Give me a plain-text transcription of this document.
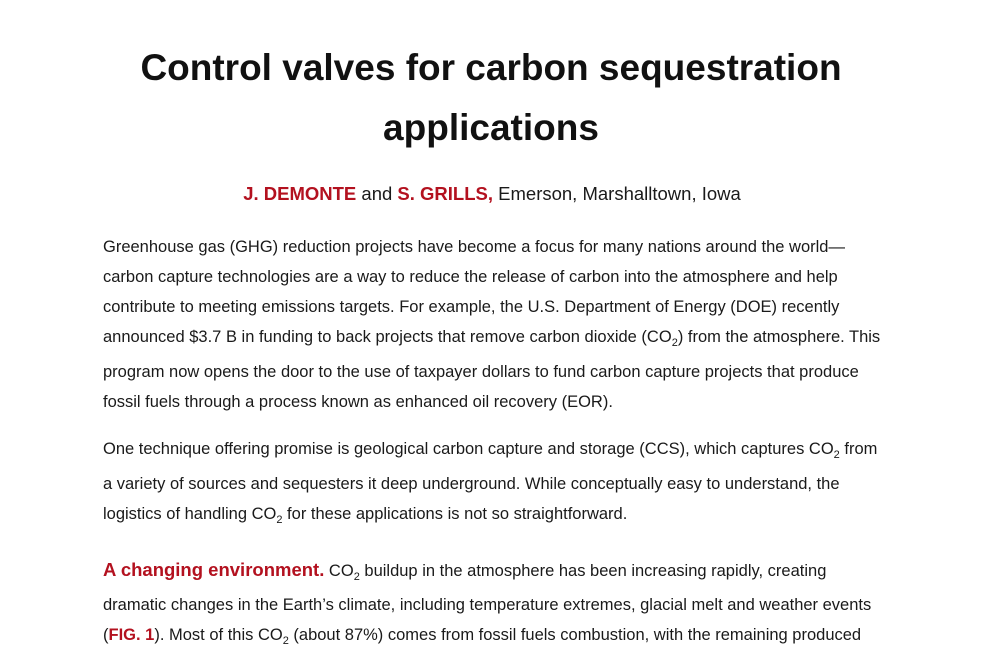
Control valves for carbon sequestration applications
J. DEMONTE and S. GRILLS, Emerson, Marshalltown, Iowa
Greenhouse gas (GHG) reduction projects have become a focus for many nations around the world—
carbon capture technologies are a way to reduce the release of carbon into the atmosphere and help
contribute to meeting emissions targets. For example, the U.S. Department of Energy (DOE) recently
announced $3.7 B in funding to back projects that remove carbon dioxide $(CO_2)$ from the atmosphere. This
program now opens the door to the use of taxpayer dollars to fund carbon capture projects that produce
fossil fuels through a process known as enhanced oil recovery (EOR).
One technique offering promise is geological carbon capture and storage (CCS), which captures $CO_2$ from
a variety of sources and sequesters it deep underground. While conceptually easy to understand, the
logistics of handling $CO_2$ for these applications is not so straightforward.
A changing environment. $CO_2$ buildup in the atmosphere has been increasing rapidly, creating
dramatic changes in the Earth’s climate, including temperature extremes, glacial melt and weather events
(FIG. 1). Most of this $CO_2$ (about 87%) comes from fossil fuels combustion, with the remaining produced
